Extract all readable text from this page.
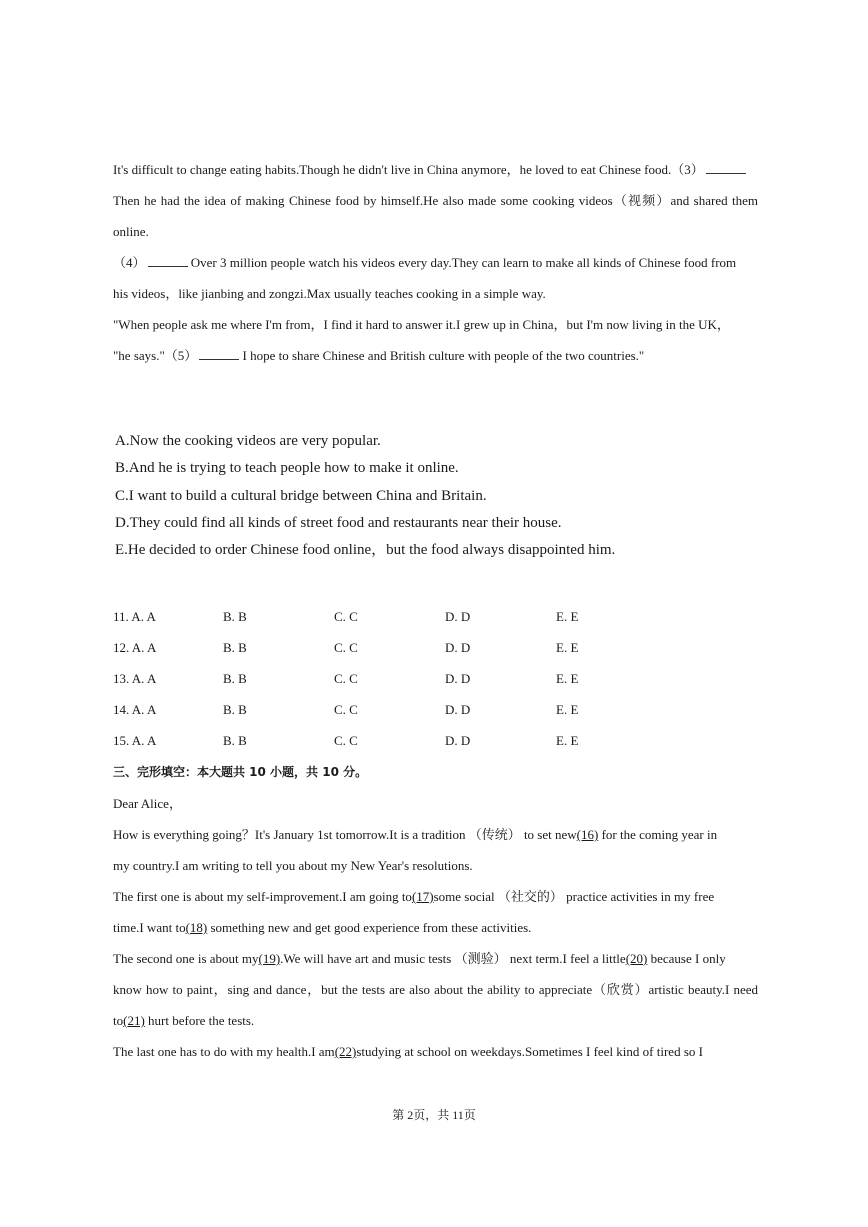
It's difficult to change eating habits.Though he didn't live in China anymore，he loved to eat Chinese food.（3）
Then he had the idea of making Chinese food by himself.He also made some cooking videos（视频）and shared them
online.
（4）	Over 3 million people watch his videos every day.They can learn to make all kinds of Chinese food from
his videos，like jianbing and zongzi.Max usually teaches cooking in a simple way.
"When people ask me where I'm from，I find it hard to answer it.I grew up in China，but I'm now living in the UK，
"he says."（5）	I hope to share Chinese and British culture with people of the two countries."
A.Now the cooking videos are very popular.
B.And he is trying to teach people how to make it online.
C.I want to build a cultural bridge between China and Britain.
D.They could find all kinds of street food and restaurants near their house.
E.He decided to order Chinese food online，but the food always disappointed him.
11. A. A	B. B	C. C	D. D	E. E
12. A. A	B. B	C. C	D. D	E. E
13. A. A	B. B	C. C	D. D	E. E
14. A. A	B. B	C. C	D. D	E. E
15. A. A	B. B	C. C	D. D	E. E
三、完形填空：本大题共 10 小题，共 10 分。
Dear Alice，
How is everything going？It's January 1st tomorrow.It is a tradition （传统） to set new(16) for the coming year in
my country.I am writing to tell you about my New Year's resolutions.
The first one is about my self-improvement.I am going to(17)some social （社交的） practice activities in my free
time.I want to(18) something new and get good experience from these activities.
The second one is about my(19).We will have art and music tests （测验） next term.I feel a little(20) because I only
know how to paint，sing and dance，but the tests are also about the ability to appreciate（欣赏）artistic beauty.I need
to(21) hurt before the tests.
The last one has to do with my health.I am(22)studying at school on weekdays.Sometimes I feel kind of tired so I
第 2页，共 11页
